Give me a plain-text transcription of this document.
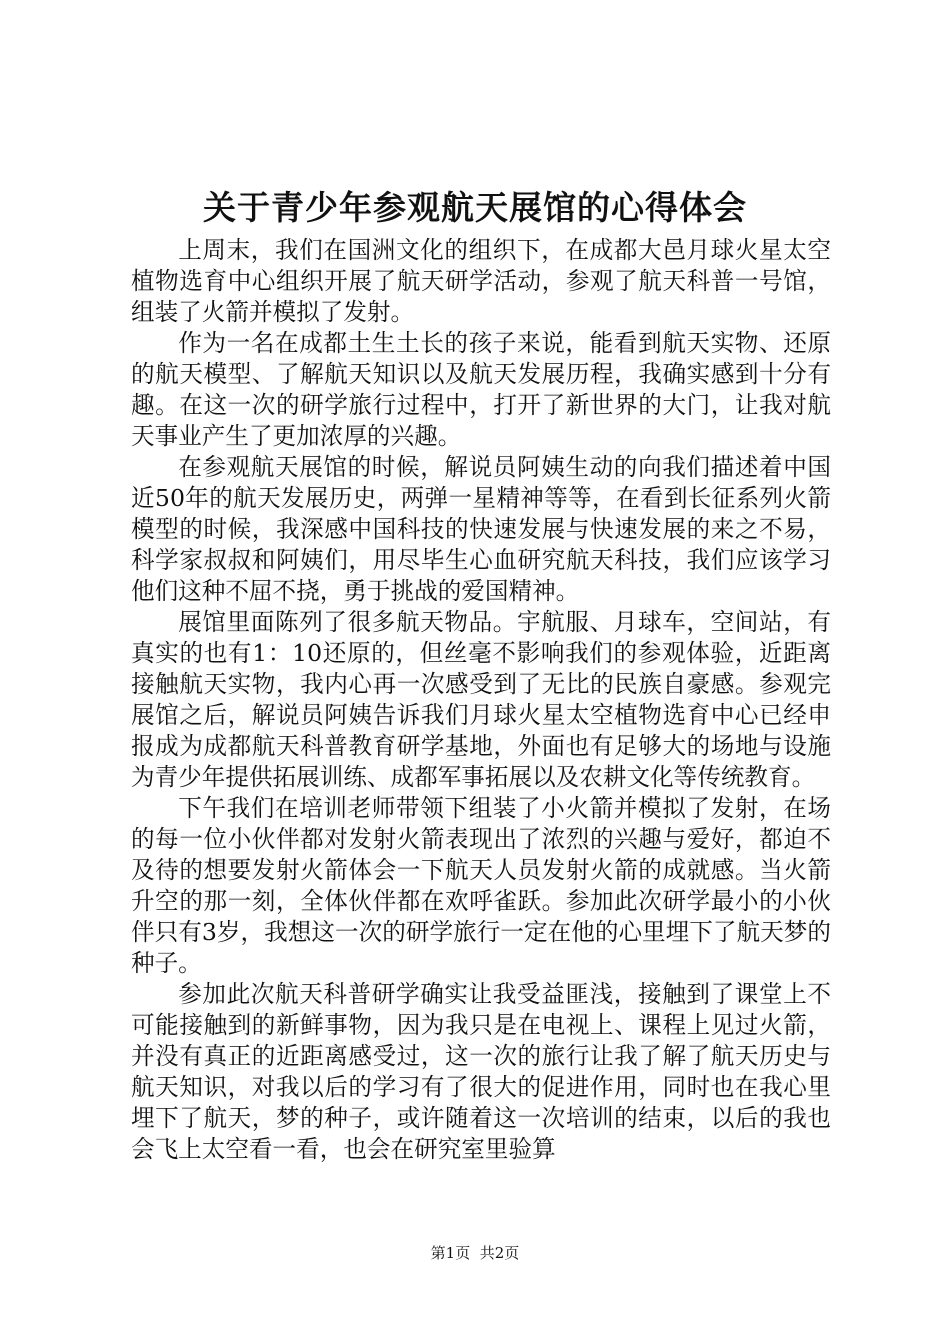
关于青少年参观航天展馆的心得体会

上周末，我们在国洲文化的组织下，在成都大邑月球火星太空植物选育中心组织开展了航天研学活动，参观了航天科普一号馆，组装了火箭并模拟了发射。

作为一名在成都土生土长的孩子来说，能看到航天实物、还原的航天模型、了解航天知识以及航天发展历程，我确实感到十分有趣。在这一次的研学旅行过程中，打开了新世界的大门，让我对航天事业产生了更加浓厚的兴趣。

在参观航天展馆的时候，解说员阿姨生动的向我们描述着中国近50年的航天发展历史，两弹一星精神等等，在看到长征系列火箭模型的时候，我深感中国科技的快速发展与快速发展的来之不易，科学家叔叔和阿姨们，用尽毕生心血研究航天科技，我们应该学习他们这种不屈不挠，勇于挑战的爱国精神。

展馆里面陈列了很多航天物品。宇航服、月球车，空间站，有真实的也有1：10还原的，但丝毫不影响我们的参观体验，近距离接触航天实物，我内心再一次感受到了无比的民族自豪感。参观完展馆之后，解说员阿姨告诉我们月球火星太空植物选育中心已经申报成为成都航天科普教育研学基地，外面也有足够大的场地与设施为青少年提供拓展训练、成都军事拓展以及农耕文化等传统教育。

下午我们在培训老师带领下组装了小火箭并模拟了发射，在场的每一位小伙伴都对发射火箭表现出了浓烈的兴趣与爱好，都迫不及待的想要发射火箭体会一下航天人员发射火箭的成就感。当火箭升空的那一刻，全体伙伴都在欢呼雀跃。参加此次研学最小的小伙伴只有3岁，我想这一次的研学旅行一定在他的心里埋下了航天梦的种子。

参加此次航天科普研学确实让我受益匪浅，接触到了课堂上不可能接触到的新鲜事物，因为我只是在电视上、课程上见过火箭，并没有真正的近距离感受过，这一次的旅行让我了解了航天历史与航天知识，对我以后的学习有了很大的促进作用，同时也在我心里埋下了航天，梦的种子，或许随着这一次培训的结束，以后的我也会飞上太空看一看，也会在研究室里验算

第1页 共2页
